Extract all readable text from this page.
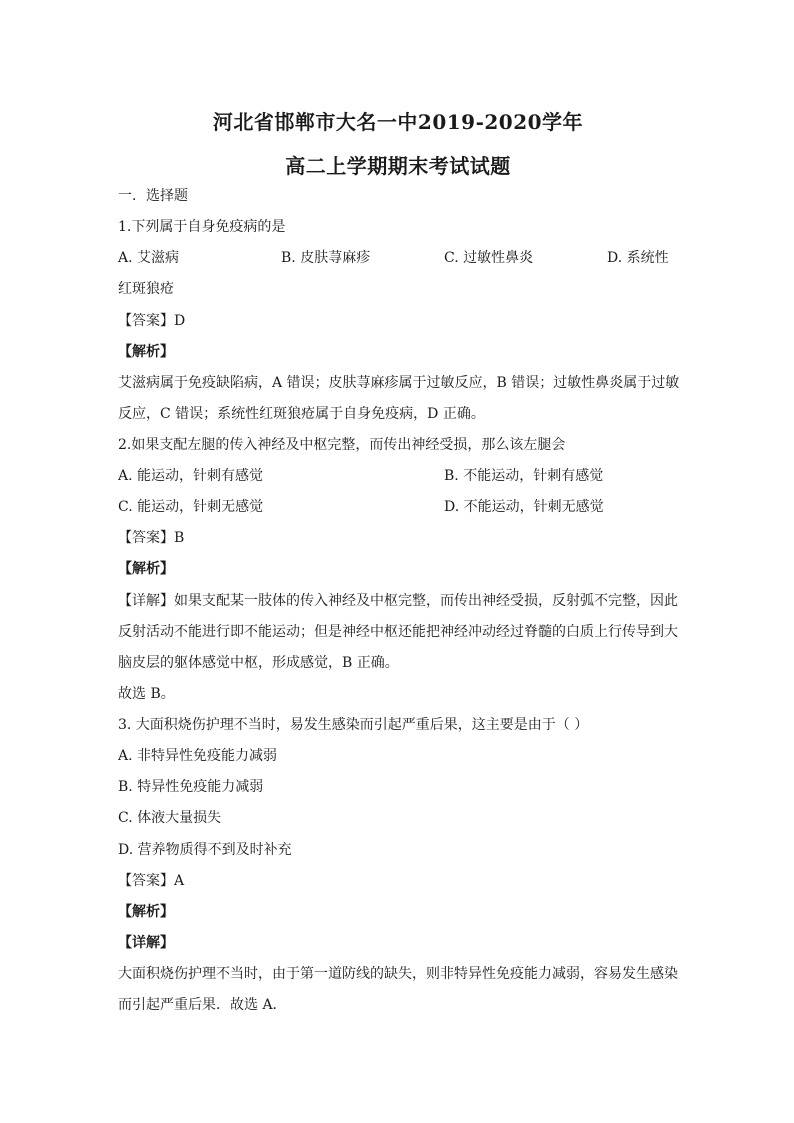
河北省邯郸市大名一中2019-2020学年
高二上学期期末考试试题
一．选择题
1.下列属于自身免疫病的是
A. 艾滋病	B. 皮肤荨麻疹	C. 过敏性鼻炎	D. 系统性
红斑狼疮
【答案】D
【解析】
艾滋病属于免疫缺陷病，A 错误；皮肤荨麻疹属于过敏反应，B 错误；过敏性鼻炎属于过敏
反应，C 错误；系统性红斑狼疮属于自身免疫病，D 正确。
2.如果支配左腿的传入神经及中枢完整，而传出神经受损，那么该左腿会
A. 能运动，针刺有感觉	B. 不能运动，针刺有感觉
C. 能运动，针刺无感觉	D. 不能运动，针刺无感觉
【答案】B
【解析】
【详解】如果支配某一肢体的传入神经及中枢完整，而传出神经受损，反射弧不完整，因此
反射活动不能进行即不能运动；但是神经中枢还能把神经冲动经过脊髓的白质上行传导到大
脑皮层的躯体感觉中枢，形成感觉，B 正确。
故选 B。
3. 大面积烧伤护理不当时，易发生感染而引起严重后果，这主要是由于（ ）
A. 非特异性免疫能力减弱
B. 特异性免疫能力减弱
C. 体液大量损失
D. 营养物质得不到及时补充
【答案】A
【解析】
【详解】
大面积烧伤护理不当时，由于第一道防线的缺失，则非特异性免疫能力减弱，容易发生感染
而引起严重后果．故选 A．
